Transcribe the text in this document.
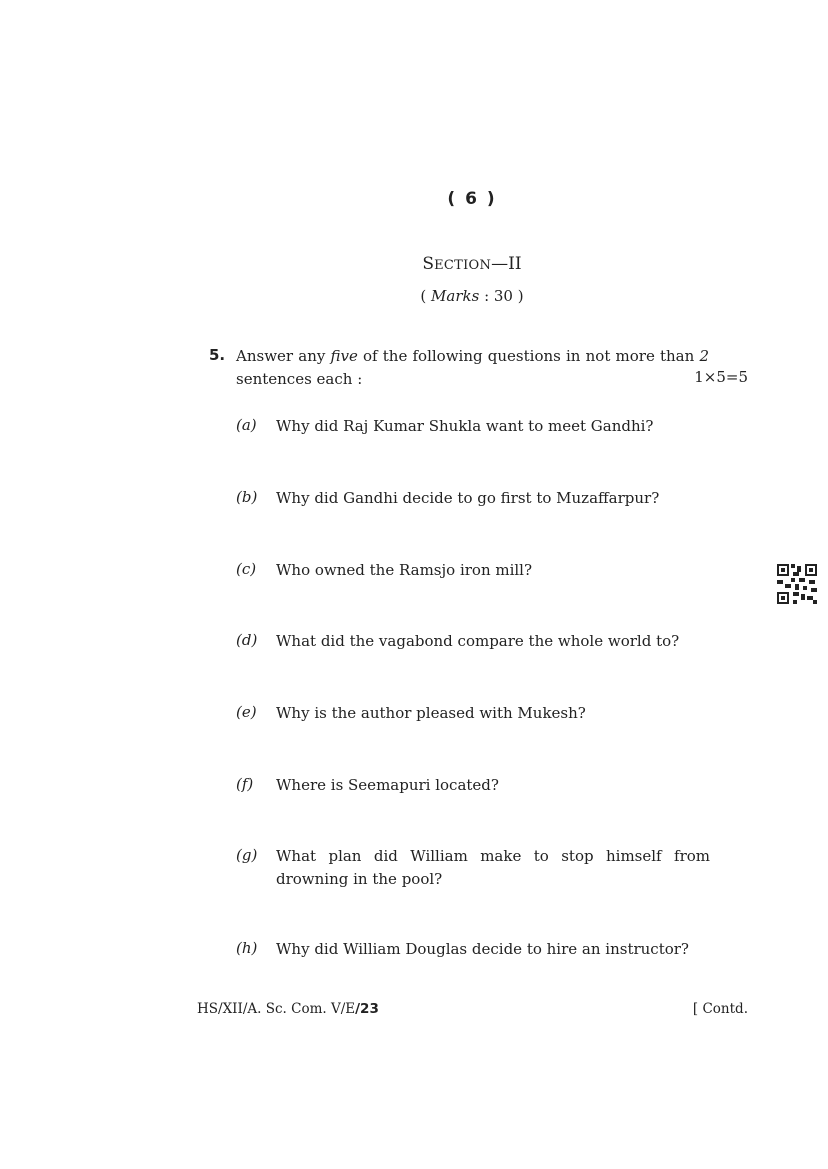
( 6 )
SECTION—II
( Marks : 30 )
5. Answer any five of the following questions in not more than 2 sentences each :	1×5=5
(a) Why did Raj Kumar Shukla want to meet Gandhi?
(b) Why did Gandhi decide to go first to Muzaffarpur?
(c) Who owned the Ramsjo iron mill?
(d) What did the vagabond compare the whole world to?
(e) Why is the author pleased with Mukesh?
(f) Where is Seemapuri located?
(g) What plan did William make to stop himself from drowning in the pool?
(h) Why did William Douglas decide to hire an instructor?
HS/XII/A. Sc. Com. V/E/23	[ Contd.
